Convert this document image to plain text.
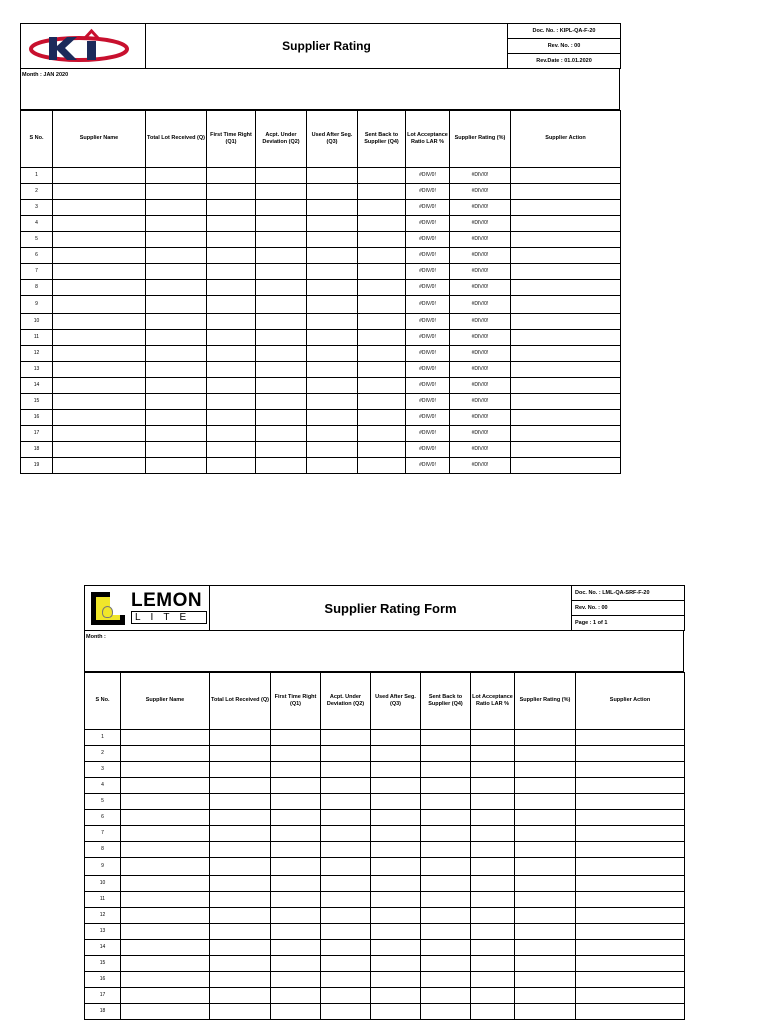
	Supplier Rating	
Doc. No. : KIPL-QA-F-20
Rev. No. : 00
Rev.Date : 01.01.2020
Month : JAN 2020
S No.	Supplier Name	Total Lot Received (Q)	First Time Right (Q1)	Acpt. Under Deviation (Q2)	Used After Seg. (Q3)	Sent Back to Supplier (Q4)	Lot Acceptance Ratio LAR %	Supplier Rating (%)	Supplier Action
1							#DIV/0!	#DIV/0!	
2							#DIV/0!	#DIV/0!	
3							#DIV/0!	#DIV/0!	
4							#DIV/0!	#DIV/0!	
5							#DIV/0!	#DIV/0!	
6							#DIV/0!	#DIV/0!	
7							#DIV/0!	#DIV/0!	
8							#DIV/0!	#DIV/0!	
9							#DIV/0!	#DIV/0!	
10							#DIV/0!	#DIV/0!	
11							#DIV/0!	#DIV/0!	
12							#DIV/0!	#DIV/0!	
13							#DIV/0!	#DIV/0!	
14							#DIV/0!	#DIV/0!	
15							#DIV/0!	#DIV/0!	
16							#DIV/0!	#DIV/0!	
17							#DIV/0!	#DIV/0!	
18							#DIV/0!	#DIV/0!	
19							#DIV/0!	#DIV/0!	
LEMON
LITE
	Supplier Rating Form	
Doc. No. : LML-QA-SRF-F-20
Rev. No. : 00
Page : 1 of 1
Month :
S No.	Supplier Name	Total Lot Received (Q)	First Time Right (Q1)	Acpt. Under Deviation (Q2)	Used After Seg. (Q3)	Sent Back to Supplier (Q4)	Lot Acceptance Ratio LAR %	Supplier Rating (%)	Supplier Action
1									
2									
3									
4									
5									
6									
7									
8									
9									
10									
11									
12									
13									
14									
15									
16									
17									
18									
